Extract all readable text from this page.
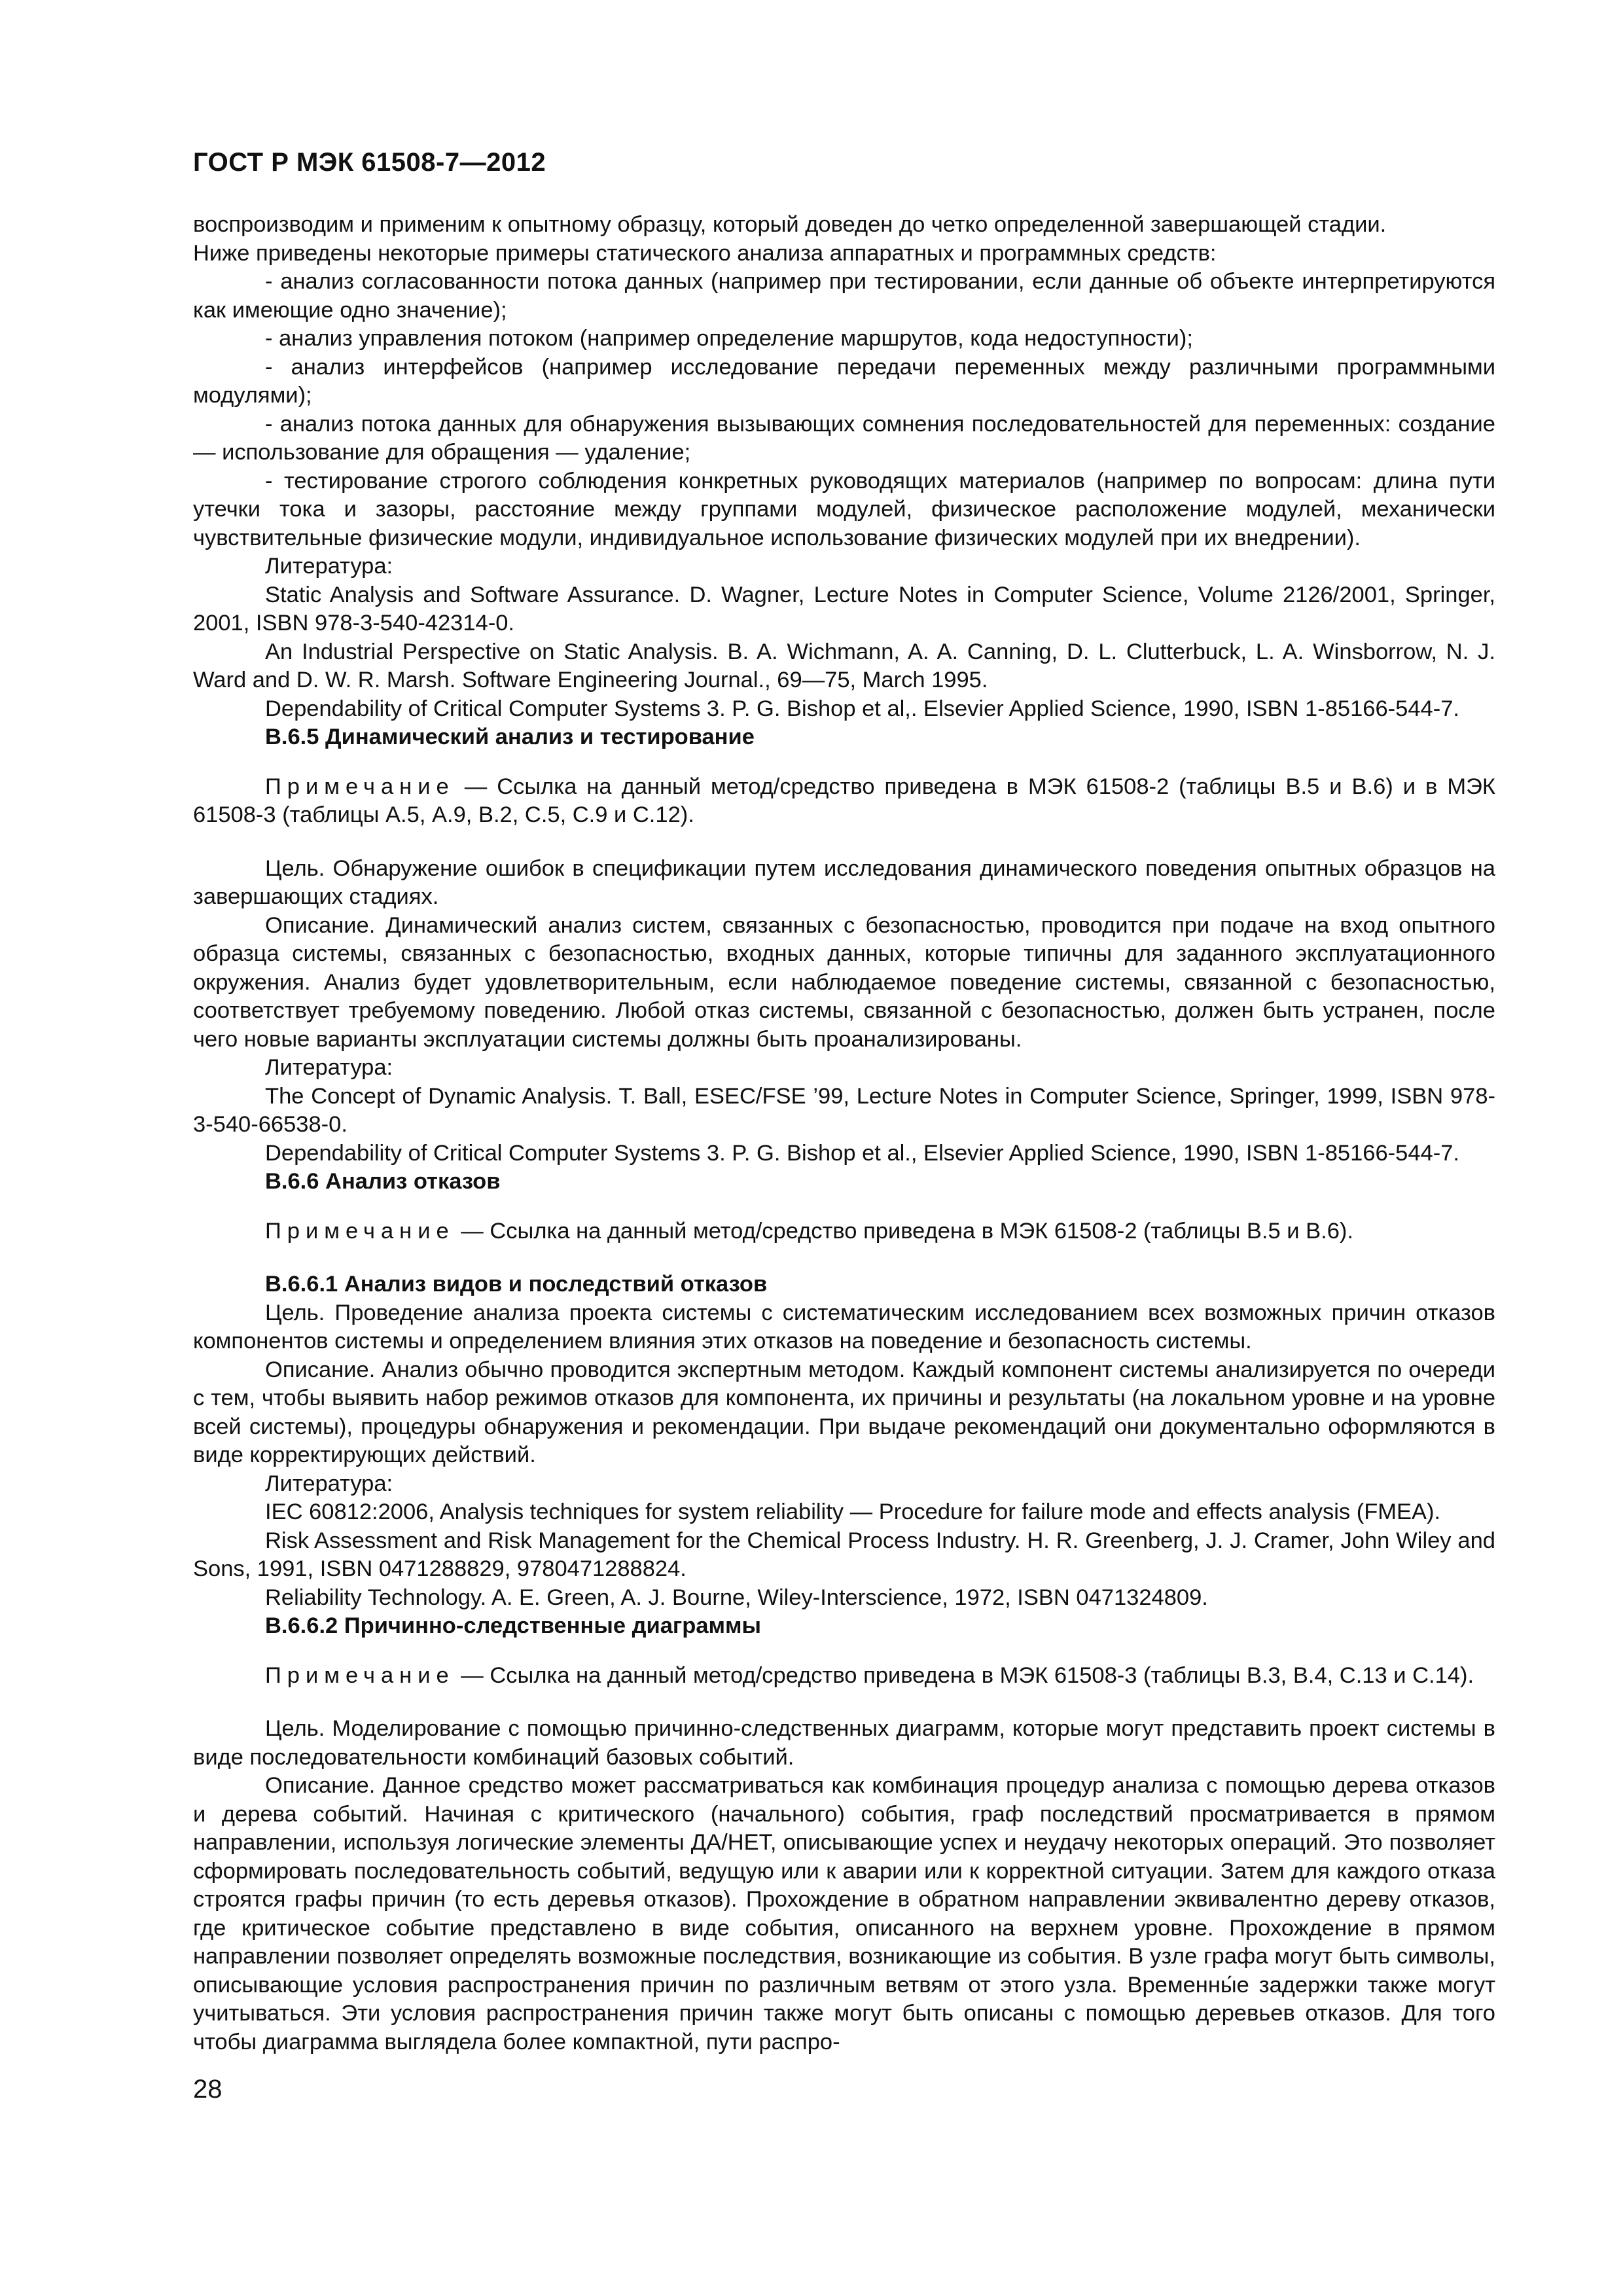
ГОСТ Р МЭК 61508-7—2012

воспроизводим и применим к опытному образцу, который доведен до четко определенной завершающей стадии.

Ниже приведены некоторые примеры статического анализа аппаратных и программных средств:

- анализ согласованности потока данных (например при тестировании, если данные об объекте интерпретируются как имеющие одно значение);

- анализ управления потоком (например определение маршрутов, кода недоступности);

- анализ интерфейсов (например исследование передачи переменных между различными программными модулями);

- анализ потока данных для обнаружения вызывающих сомнения последовательностей для переменных: создание — использование для обращения — удаление;

- тестирование строгого соблюдения конкретных руководящих материалов (например по вопросам: длина пути утечки тока и зазоры, расстояние между группами модулей, физическое расположение модулей, механически чувствительные физические модули, индивидуальное использование физических модулей при их внедрении).

Литература:

Static Analysis and Software Assurance. D. Wagner, Lecture Notes in Computer Science, Volume 2126/2001, Springer, 2001, ISBN 978-3-540-42314-0.

An Industrial Perspective on Static Analysis. B. A. Wichmann, A. A. Canning, D. L. Clutterbuck, L. A. Winsborrow, N. J. Ward and D. W. R. Marsh. Software Engineering Journal., 69—75, March 1995.

Dependability of Critical Computer Systems 3. P. G. Bishop et al,. Elsevier Applied Science, 1990, ISBN 1-85166-544-7.

В.6.5 Динамический анализ и тестирование

Примечание — Ссылка на данный метод/средство приведена в МЭК 61508-2 (таблицы В.5 и В.6) и в МЭК 61508-3 (таблицы А.5, А.9, В.2, С.5, С.9 и С.12).

Цель. Обнаружение ошибок в спецификации путем исследования динамического поведения опытных образцов на завершающих стадиях.

Описание. Динамический анализ систем, связанных с безопасностью, проводится при подаче на вход опытного образца системы, связанных с безопасностью, входных данных, которые типичны для заданного эксплуатационного окружения. Анализ будет удовлетворительным, если наблюдаемое поведение системы, связанной с безопасностью, соответствует требуемому поведению. Любой отказ системы, связанной с безопасностью, должен быть устранен, после чего новые варианты эксплуатации системы должны быть проанализированы.

Литература:

The Concept of Dynamic Analysis. T. Ball, ESEC/FSE ’99, Lecture Notes in Computer Science, Springer, 1999, ISBN 978-3-540-66538-0.

Dependability of Critical Computer Systems 3. P. G. Bishop et al., Elsevier Applied Science, 1990, ISBN 1-85166-544-7.

В.6.6 Анализ отказов

Примечание — Ссылка на данный метод/средство приведена в МЭК 61508-2 (таблицы В.5 и В.6).

В.6.6.1 Анализ видов и последствий отказов

Цель. Проведение анализа проекта системы с систематическим исследованием всех возможных причин отказов компонентов системы и определением влияния этих отказов на поведение и безопасность системы.

Описание. Анализ обычно проводится экспертным методом. Каждый компонент системы анализируется по очереди с тем, чтобы выявить набор режимов отказов для компонента, их причины и результаты (на локальном уровне и на уровне всей системы), процедуры обнаружения и рекомендации. При выдаче рекомендаций они документально оформляются в виде корректирующих действий.

Литература:

IEC 60812:2006, Analysis techniques for system reliability — Procedure for failure mode and effects analysis (FMEA).

Risk Assessment and Risk Management for the Chemical Process Industry. H. R. Greenberg, J. J. Cramer, John Wiley and Sons, 1991, ISBN 0471288829, 9780471288824.

Reliability Technology. A. E. Green, A. J. Bourne, Wiley-Interscience, 1972, ISBN 0471324809.

В.6.6.2 Причинно-следственные диаграммы

Примечание — Ссылка на данный метод/средство приведена в МЭК 61508-3 (таблицы В.3, В.4, С.13 и С.14).

Цель. Моделирование с помощью причинно-следственных диаграмм, которые могут представить проект системы в виде последовательности комбинаций базовых событий.

Описание. Данное средство может рассматриваться как комбинация процедур анализа с помощью дерева отказов и дерева событий. Начиная с критического (начального) события, граф последствий просматривается в прямом направлении, используя логические элементы ДА/НЕТ, описывающие успех и неудачу некоторых операций. Это позволяет сформировать последовательность событий, ведущую или к аварии или к корректной ситуации. Затем для каждого отказа строятся графы причин (то есть деревья отказов). Прохождение в обратном направлении эквивалентно дереву отказов, где критическое событие представлено в виде события, описанного на верхнем уровне. Прохождение в прямом направлении позволяет определять возможные последствия, возникающие из события. В узле графа могут быть символы, описывающие условия распространения причин по различным ветвям от этого узла. Временны́е задержки также могут учитываться. Эти условия распространения причин также могут быть описаны с помощью деревьев отказов. Для того чтобы диаграмма выглядела более компактной, пути распро-

28
